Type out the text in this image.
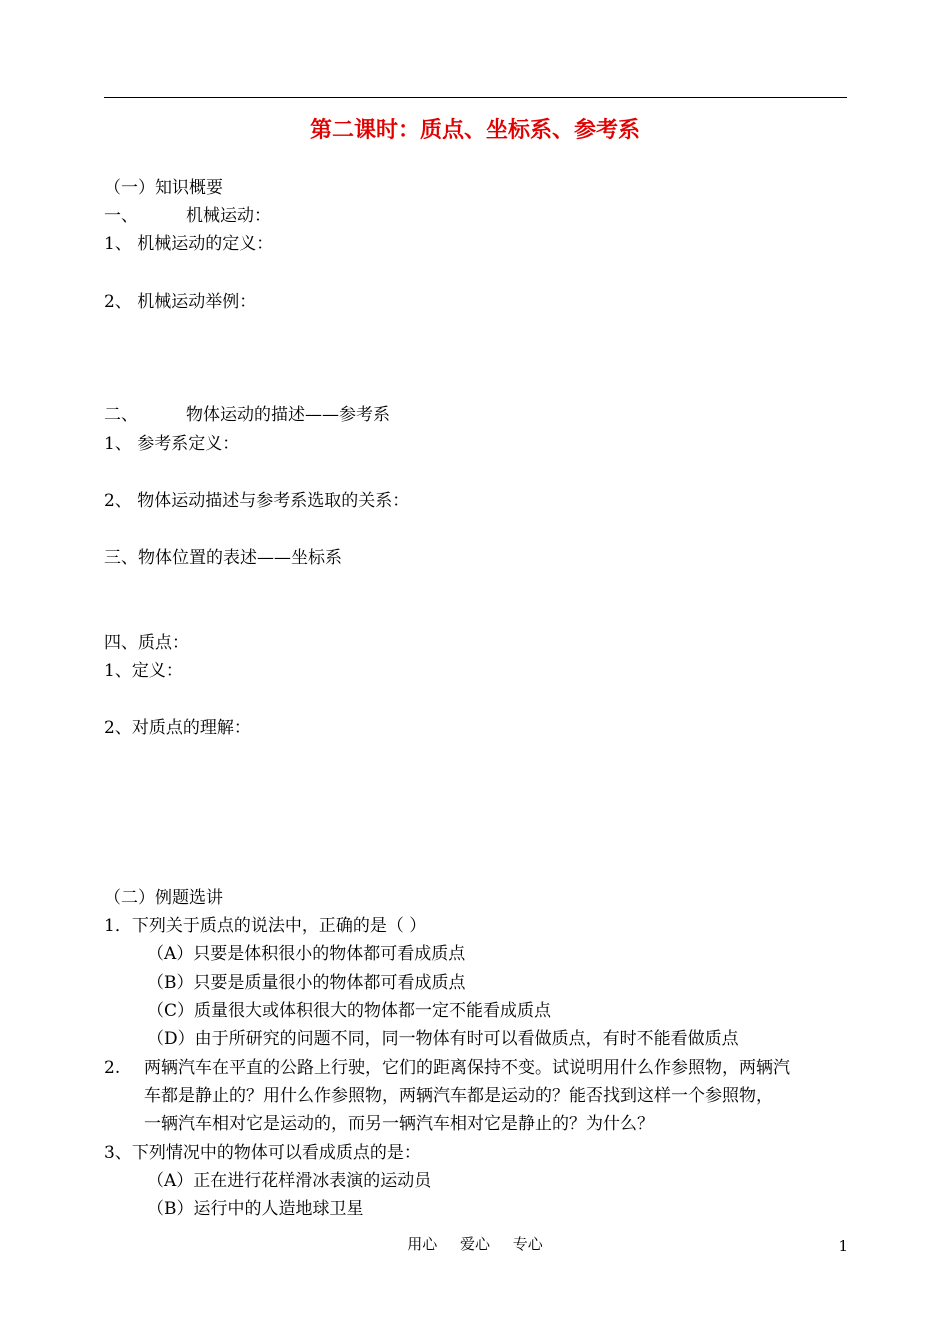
第二课时：质点、坐标系、参考系
（一）知识概要
一、	机械运动：
1、 机械运动的定义：
2、 机械运动举例：
二、	物体运动的描述——参考系
1、 参考系定义：
2、 物体运动描述与参考系选取的关系：
三、物体位置的表述——坐标系
四、质点：
1、定义：
2、对质点的理解：
（二）例题选讲
1．下列关于质点的说法中，正确的是（ ）
（A）只要是体积很小的物体都可看成质点
（B）只要是质量很小的物体都可看成质点
（C）质量很大或体积很大的物体都一定不能看成质点
（D）由于所研究的问题不同，同一物体有时可以看做质点，有时不能看做质点
2. 两辆汽车在平直的公路上行驶，它们的距离保持不变。试说明用什么作参照物，两辆汽
车都是静止的？用什么作参照物，两辆汽车都是运动的？能否找到这样一个参照物，
一辆汽车相对它是运动的，而另一辆汽车相对它是静止的？为什么？
3、下列情况中的物体可以看成质点的是：
（A）正在进行花样滑冰表演的运动员
（B）运行中的人造地球卫星
用心 爱心 专心	1
